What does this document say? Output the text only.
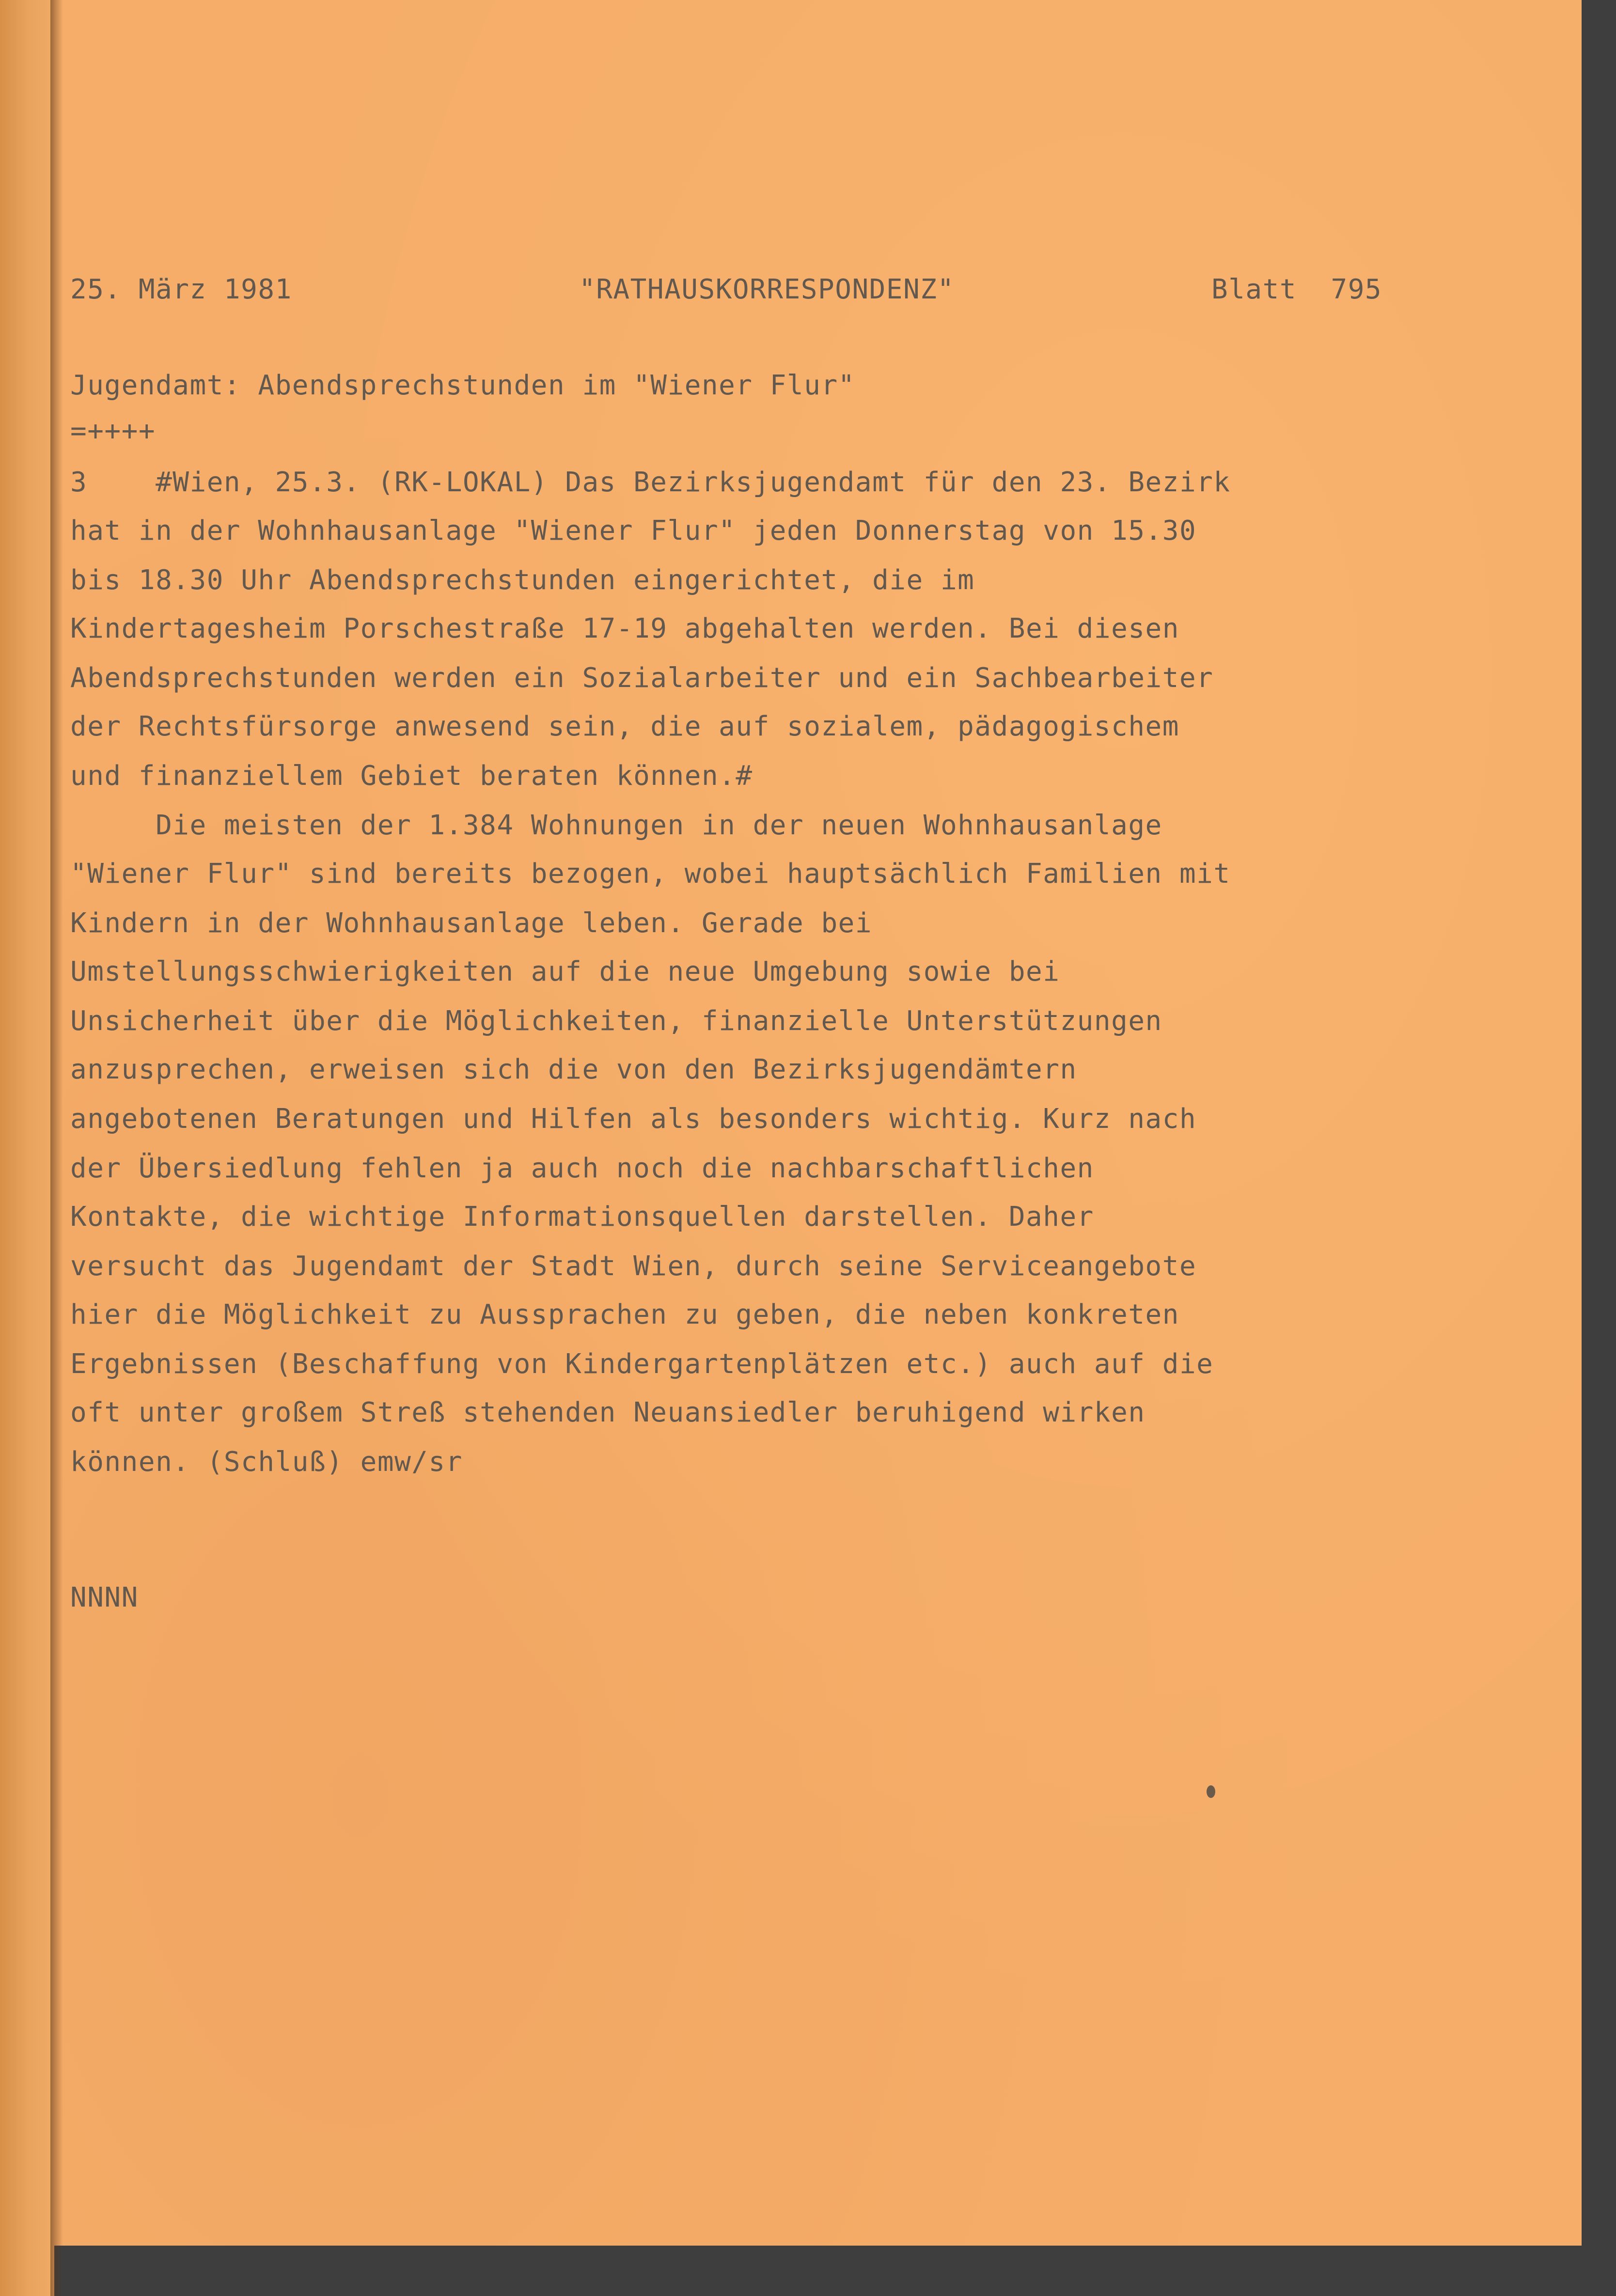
25. März 1981	"RATHAUSKORRESPONDENZ"	Blatt  795
Jugendamt: Abendsprechstunden im "Wiener Flur"
=++++
3    #Wien, 25.3. (RK-LOKAL) Das Bezirksjugendamt für den 23. Bezirk
hat in der Wohnhausanlage "Wiener Flur" jeden Donnerstag von 15.30
bis 18.30 Uhr Abendsprechstunden eingerichtet, die im
Kindertagesheim Porschestraße 17-19 abgehalten werden. Bei diesen
Abendsprechstunden werden ein Sozialarbeiter und ein Sachbearbeiter
der Rechtsfürsorge anwesend sein, die auf sozialem, pädagogischem
und finanziellem Gebiet beraten können.#
Die meisten der 1.384 Wohnungen in der neuen Wohnhausanlage
"Wiener Flur" sind bereits bezogen, wobei hauptsächlich Familien mit
Kindern in der Wohnhausanlage leben. Gerade bei
Umstellungsschwierigkeiten auf die neue Umgebung sowie bei
Unsicherheit über die Möglichkeiten, finanzielle Unterstützungen
anzusprechen, erweisen sich die von den Bezirksjugendämtern
angebotenen Beratungen und Hilfen als besonders wichtig. Kurz nach
der Übersiedlung fehlen ja auch noch die nachbarschaftlichen
Kontakte, die wichtige Informationsquellen darstellen. Daher
versucht das Jugendamt der Stadt Wien, durch seine Serviceangebote
hier die Möglichkeit zu Aussprachen zu geben, die neben konkreten
Ergebnissen (Beschaffung von Kindergartenplätzen etc.) auch auf die
oft unter großem Streß stehenden Neuansiedler beruhigend wirken
können. (Schluß) emw/sr
NNNN
